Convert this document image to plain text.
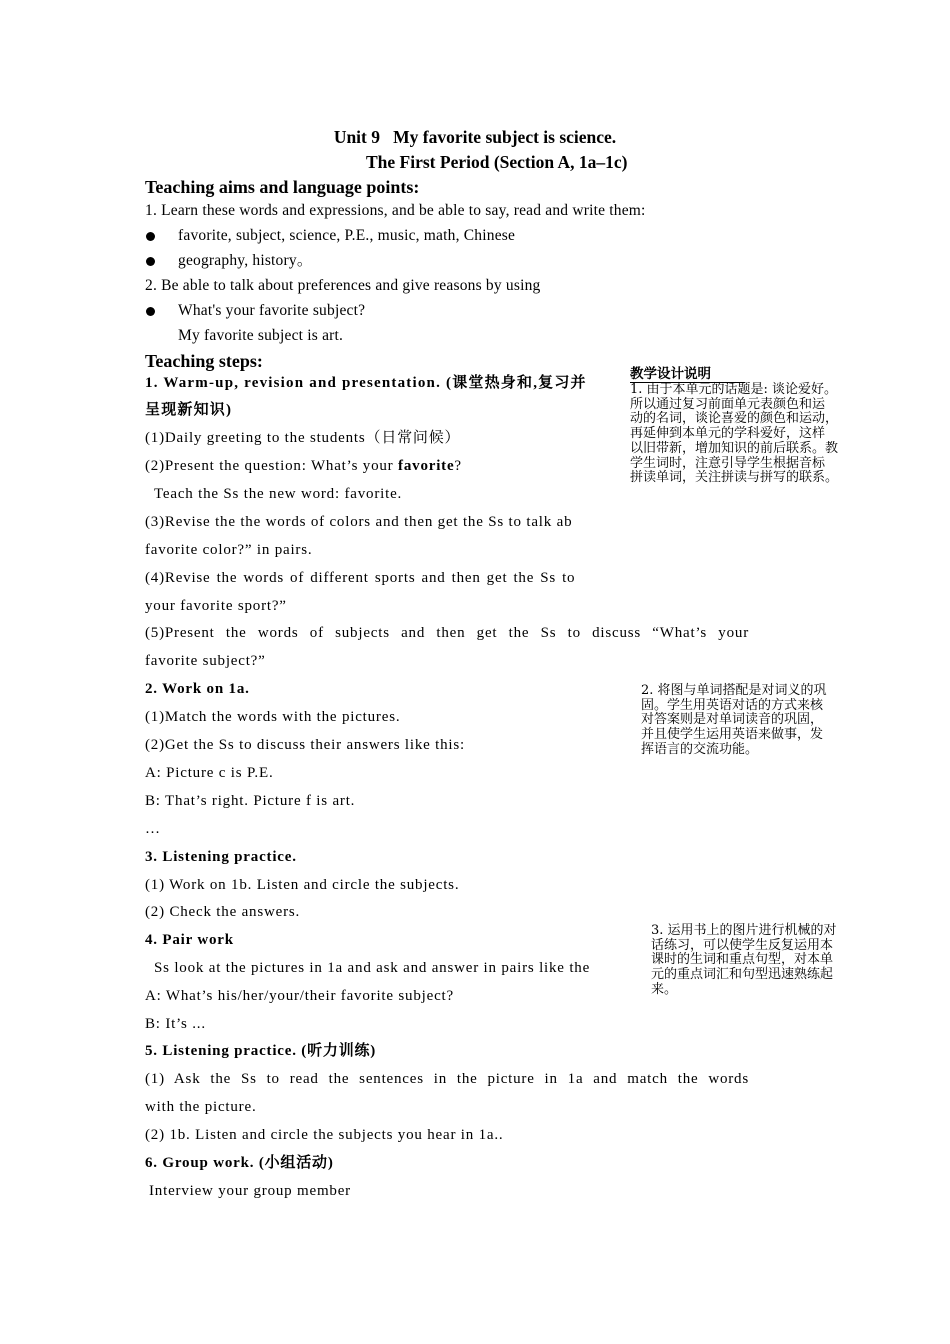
Unit 9   My favorite subject is science.
The First Period (Section A, 1a–1c)
Teaching aims and language points:
1. Learn these words and expressions, and be able to say, read and write them:
favorite, subject, science, P.E., music, math, Chinese
geography, history。
2. Be able to talk about preferences and give reasons by using
What's your favorite subject?
My favorite subject is art.
Teaching steps:
1. Warm-up, revision and presentation. (课堂热身和,复习并
呈现新知识)
(1)Daily greeting to the students（日常问候）
(2)Present the question: What’s your favorite?
Teach the Ss the new word: favorite.
(3)Revise the the words of colors and then get the Ss to talk ab
favorite color?” in pairs.
(4)Revise the words of different sports and then get the Ss to
your favorite sport?”
(5)Present the words of subjects and then get the Ss to discuss “What’s your
favorite subject?”
2. Work on 1a.
(1)Match the words with the pictures.
(2)Get the Ss to discuss their answers like this:
A: Picture c is P.E.
B: That’s right. Picture f is art.
…
3. Listening practice.
(1) Work on 1b. Listen and circle the subjects.
(2) Check the answers.
4. Pair work
Ss look at the pictures in 1a and ask and answer in pairs like the
A: What’s his/her/your/their favorite subject?
B: It’s ...
5. Listening practice. (听力训练)
(1) Ask the Ss to read the sentences in the picture in 1a and match the words
with the picture.
(2) 1b. Listen and circle the subjects you hear in 1a..
6. Group work. (小组活动)
Interview your group member
教学设计说明
1. 由于本单元的话题是: 谈论爱好。
所以通过复习前面单元表颜色和运
动的名词，谈论喜爱的颜色和运动，
再延伸到本单元的学科爱好，这样
以旧带新，增加知识的前后联系。教
学生词时，注意引导学生根据音标
拼读单词，关注拼读与拼写的联系。
2. 将图与单词搭配是对词义的巩
固。学生用英语对话的方式来核
对答案则是对单词读音的巩固，
并且使学生运用英语来做事，发
挥语言的交流功能。
3. 运用书上的图片进行机械的对
话练习，可以使学生反复运用本
课时的生词和重点句型，对本单
元的重点词汇和句型迅速熟练起
来。
